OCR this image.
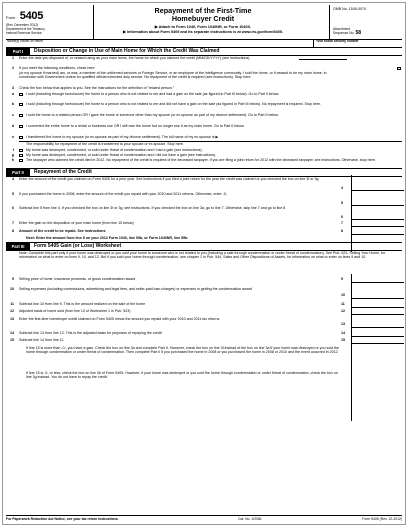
Form 5405
(Rev. December 2012)
Department of the Treasury
Internal Revenue Service
Repayment of the First-Time
Homebuyer Credit
▶ Attach to Form 1040, Form 1040NR, or Form 1040X.
▶ Information about Form 5405 and its separate instructions is at www.irs.gov/form5405.
OMB No. 1545-0074
Attachment
Sequence No. 58
Name(s) shown on return	Your social security number
Part I	Disposition or Change in Use of Main Home for Which the Credit Was Claimed
1 Enter the date you disposed of, or ceased using as your main home, the home for which you claimed the credit (MM/DD/YYYY) (see instructions)
2 If you meet the following conditions, check here
(or my spouse if married) am, or was, a member of the uniformed services or Foreign Service, or an employee of the intelligence community. I sold the home, or it ceased to be my main home, in connection with Government orders for qualified official extended duty service. No repayment of the credit is required (see instructions). Stop here.
3 Check the box below that applies to you. See the instructions for the definition of "related person."
a	I sold (including through foreclosure) the home to a person who is not related to me and had a gain on the sale (as figured in Part III below). Go to Part II below.
b	I sold (including through foreclosure) the home to a person who is not related to me and did not have a gain on the sale (as figured in Part III below). No repayment is required. Stop here.
c	I sold the home to a related person OR I gave the home to someone other than my spouse (or ex-spouse as part of my divorce settlement). Go to Part II below.
d	I converted the entire home to a rental or business use OR I still own the home but no longer use it as my main home. Go to Part II below.
e	I transferred the home to my spouse (or ex-spouse as part of my divorce settlement). The full name of my ex-spouse is ▶
The responsibility for repayment of the credit is transferred to your spouse or ex-spouse. Stop here.
f	My home was destroyed, condemned, or sold under threat of condemnation and I had a gain (see instructions).
g	My home was destroyed, condemned, or sold under threat of condemnation and I did not have a gain (see instructions).
h	The taxpayer who claimed the credit died in 2012. No repayment of the credit is required of the deceased taxpayer. If you are filing a joint return for 2012 with the deceased taxpayer, see instructions. Otherwise, stop here.
Part II	Repayment of the Credit
4 Enter the amount of the credit you claimed on Form 5405 for a prior year. See instructions if you filed a joint return for the year the credit was claimed or you checked the box on line 3f or 3g
4
5 If you purchased the home in 2008, enter the amount of the credit you repaid with your 2010 and 2011 returns. Otherwise, enter -0-
5
6 Subtract line 5 from line 4. If you checked the box on line 3f or 3g, see instructions. If you checked the box on line 3a, go to line 7. Otherwise, skip line 7 and go to line 8
6
7 Enter the gain on the disposition of your main home (from line 15 below)	7
8 Amount of the credit to be repaid. See instructions	8
Next: Enter the amount from line 8 on your 2012 Form 1040, line 59b, or Form 1040NR, line 59b.
Part III	Form 5405 Gain (or Loss) Worksheet
Note: Complete this part only if your home was destroyed or you sold your home to someone who is not related to you (including a sale through condemnation or under threat of condemnation). See Pub. 523, Selling Your Home, for information on what to enter on lines 9, 10, and 12. But if you sold your home through condemnation, see chapter 1 in Pub. 544, Sales and Other Dispositions of Assets, for information on what to enter on lines 9 and 10.
9 Selling price of home, insurance proceeds, or gross condemnation award	9
10 Selling expenses (including commissions, advertising and legal fees, and seller-paid loan charges) or expenses in getting the condemnation award
10
11 Subtract line 10 from line 9. This is the amount realized on the sale of the home	11
12 Adjusted basis of home sold (from line 13 of Worksheet 1 in Pub. 523)	12
13 Enter the first-time homebuyer credit claimed on Form 5405 minus the amount you repaid with your 2010 and 2011 tax returns
13
14 Subtract line 13 from line 12. This is the adjusted basis for purposes of repaying the credit	14
15 Subtract line 14 from line 11	15
If line 15 is more than -0-, you have a gain. Check the box on line 3a and complete Part II. However, check the box on line 3f instead of the box on line 3a if your home was destroyed or you sold the home through condemnation or under threat of condemnation. Then complete Part II if you purchased the home in 2008 or you purchased the home in 2008 or 2010 and the event occurred in 2012.
If line 15 is -0- or less, check the box on line 3b of Form 5405. However, if your home was destroyed or you sold the home through condemnation or under threat of condemnation, check the box on line 3g instead. You do not have to repay the credit.
For Paperwork Reduction Act Notice, see your tax return instructions.	Cat. No. 11936I	Form 5405 (Rev. 12-2012)
